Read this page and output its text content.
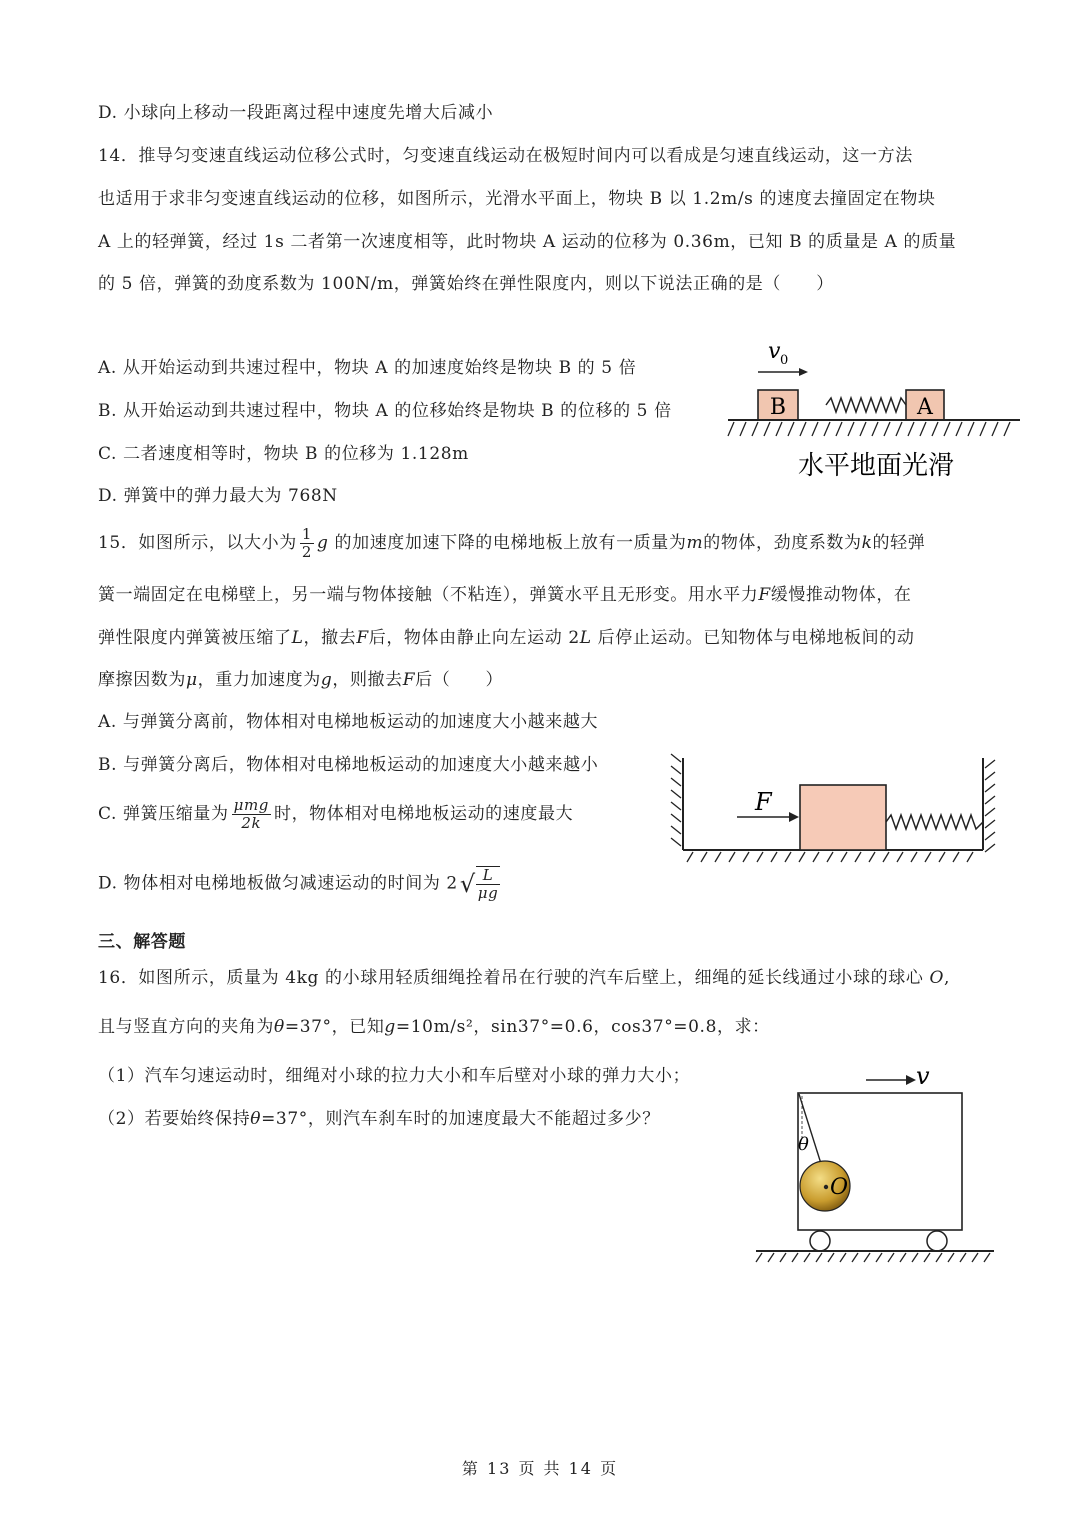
D. 小球向上移动一段距离过程中速度先增大后减小
14．推导匀变速直线运动位移公式时，匀变速直线运动在极短时间内可以看成是匀速直线运动，这一方法
也适用于求非匀变速直线运动的位移，如图所示，光滑水平面上，物块 B 以 1.2m/s 的速度去撞固定在物块
A 上的轻弹簧，经过 1s 二者第一次速度相等，此时物块 A 运动的位移为 0.36m，已知 B 的质量是 A 的质量
的 5 倍，弹簧的劲度系数为 100N/m，弹簧始终在弹性限度内，则以下说法正确的是（　　）
A. 从开始运动到共速过程中，物块 A 的加速度始终是物块 B 的 5 倍
B. 从开始运动到共速过程中，物块 A 的位移始终是物块 B 的位移的 5 倍
C. 二者速度相等时，物块 B 的位移为 1.128m
D. 弹簧中的弹力最大为 768N
v 0
B	A
水平地面光滑
15．如图所示，以大小为 $\frac{1}{2}$ g 的加速度加速下降的电梯地板上放有一质量为m的物体，劲度系数为k的轻弹
簧一端固定在电梯壁上，另一端与物体接触（不粘连），弹簧水平且无形变。用水平力F缓慢推动物体，在
弹性限度内弹簧被压缩了L，撤去F后，物体由静止向左运动 2L 后停止运动。已知物体与电梯地板间的动
摩擦因数为μ，重力加速度为g，则撤去F后（　　）
A. 与弹簧分离前，物体相对电梯地板运动的加速度大小越来越大
B. 与弹簧分离后，物体相对电梯地板运动的加速度大小越来越小
C. 弹簧压缩量为 $\frac{\text{μmg}}{2k}$ 时，物体相对电梯地板运动的速度最大
D. 物体相对电梯地板做匀减速运动的时间为 $2√ \frac{L}{\mu g}$
F
三、解答题
16．如图所示，质量为 4kg 的小球用轻质细绳拴着吊在行驶的汽车后壁上，细绳的延长线通过小球的球心 O,
且与竖直方向的夹角为θ=37°，已知g=10m/s²，sin37°=0.6，cos37°=0.8，求：
（1）汽车匀速运动时，细绳对小球的拉力大小和车后壁对小球的弹力大小；
（2）若要始终保持θ=37°，则汽车刹车时的加速度最大不能超过多少？
v
θ
O
第 13 页 共 14 页
